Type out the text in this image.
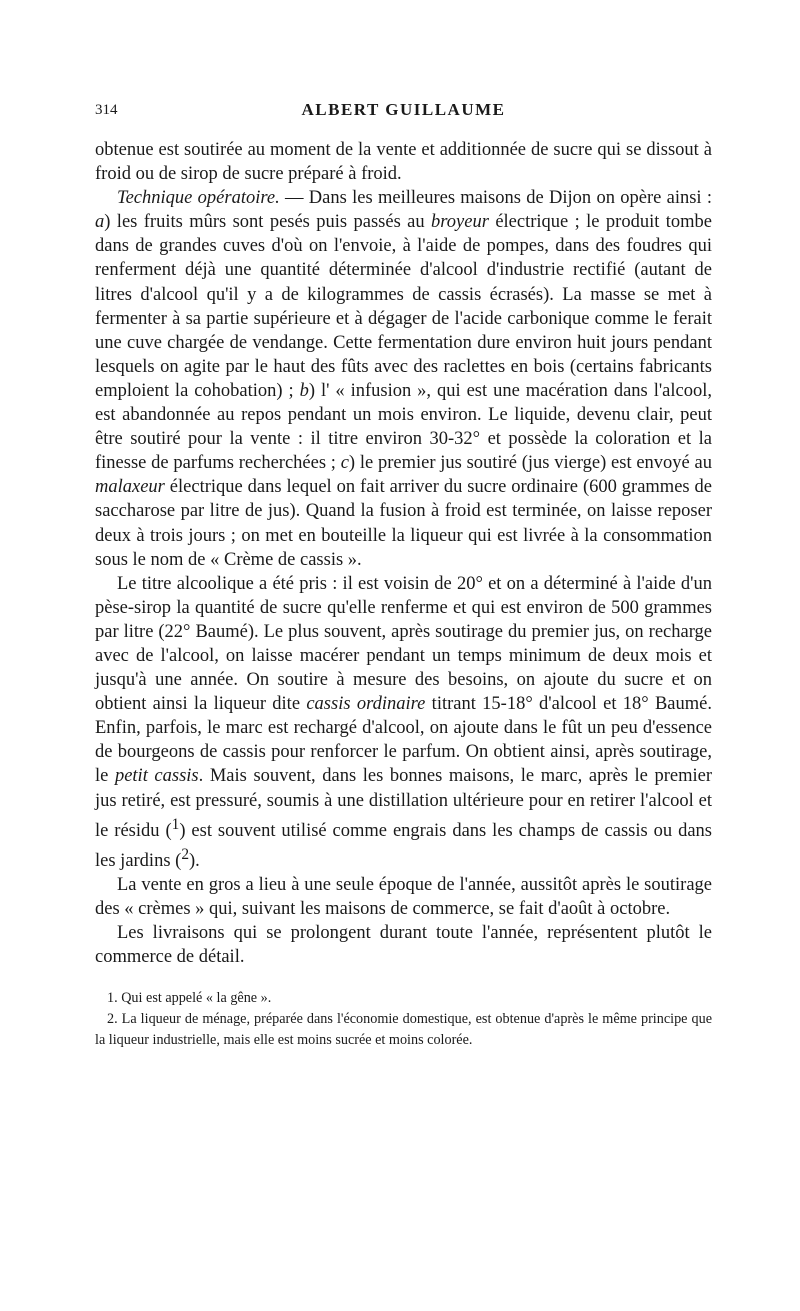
314	ALBERT GUILLAUME

obtenue est soutirée au moment de la vente et additionnée de sucre qui se dissout à froid ou de sirop de sucre préparé à froid.

Technique opératoire. — Dans les meilleures maisons de Dijon on opère ainsi : a) les fruits mûrs sont pesés puis passés au broyeur électrique ; le produit tombe dans de grandes cuves d'où on l'envoie, à l'aide de pompes, dans des foudres qui renferment déjà une quantité déterminée d'alcool d'industrie rectifié (autant de litres d'alcool qu'il y a de kilogrammes de cassis écrasés). La masse se met à fermenter à sa partie supérieure et à dégager de l'acide carbonique comme le ferait une cuve chargée de vendange. Cette fermentation dure environ huit jours pendant lesquels on agite par le haut des fûts avec des raclettes en bois (certains fabricants emploient la cohobation) ; b) l' « infusion », qui est une macération dans l'alcool, est abandonnée au repos pendant un mois environ. Le liquide, devenu clair, peut être soutiré pour la vente : il titre environ 30-32° et possède la coloration et la finesse de parfums recherchées ; c) le premier jus soutiré (jus vierge) est envoyé au malaxeur électrique dans lequel on fait arriver du sucre ordinaire (600 grammes de saccharose par litre de jus). Quand la fusion à froid est terminée, on laisse reposer deux à trois jours ; on met en bouteille la liqueur qui est livrée à la consommation sous le nom de « Crème de cassis ».

Le titre alcoolique a été pris : il est voisin de 20° et on a déterminé à l'aide d'un pèse-sirop la quantité de sucre qu'elle renferme et qui est environ de 500 grammes par litre (22° Baumé). Le plus souvent, après soutirage du premier jus, on recharge avec de l'alcool, on laisse macérer pendant un temps minimum de deux mois et jusqu'à une année. On soutire à mesure des besoins, on ajoute du sucre et on obtient ainsi la liqueur dite cassis ordinaire titrant 15-18° d'alcool et 18° Baumé. Enfin, parfois, le marc est rechargé d'alcool, on ajoute dans le fût un peu d'essence de bourgeons de cassis pour renforcer le parfum. On obtient ainsi, après soutirage, le petit cassis. Mais souvent, dans les bonnes maisons, le marc, après le premier jus retiré, est pressuré, soumis à une distillation ultérieure pour en retirer l'alcool et le résidu ($^1$) est souvent utilisé comme engrais dans les champs de cassis ou dans les jardins ($^2$).

La vente en gros a lieu à une seule époque de l'année, aussitôt après le soutirage des « crèmes » qui, suivant les maisons de commerce, se fait d'août à octobre.

Les livraisons qui se prolongent durant toute l'année, représentent plutôt le commerce de détail.

1. Qui est appelé « la gêne ».

2. La liqueur de ménage, préparée dans l'économie domestique, est obtenue d'après le même principe que la liqueur industrielle, mais elle est moins sucrée et moins colorée.
